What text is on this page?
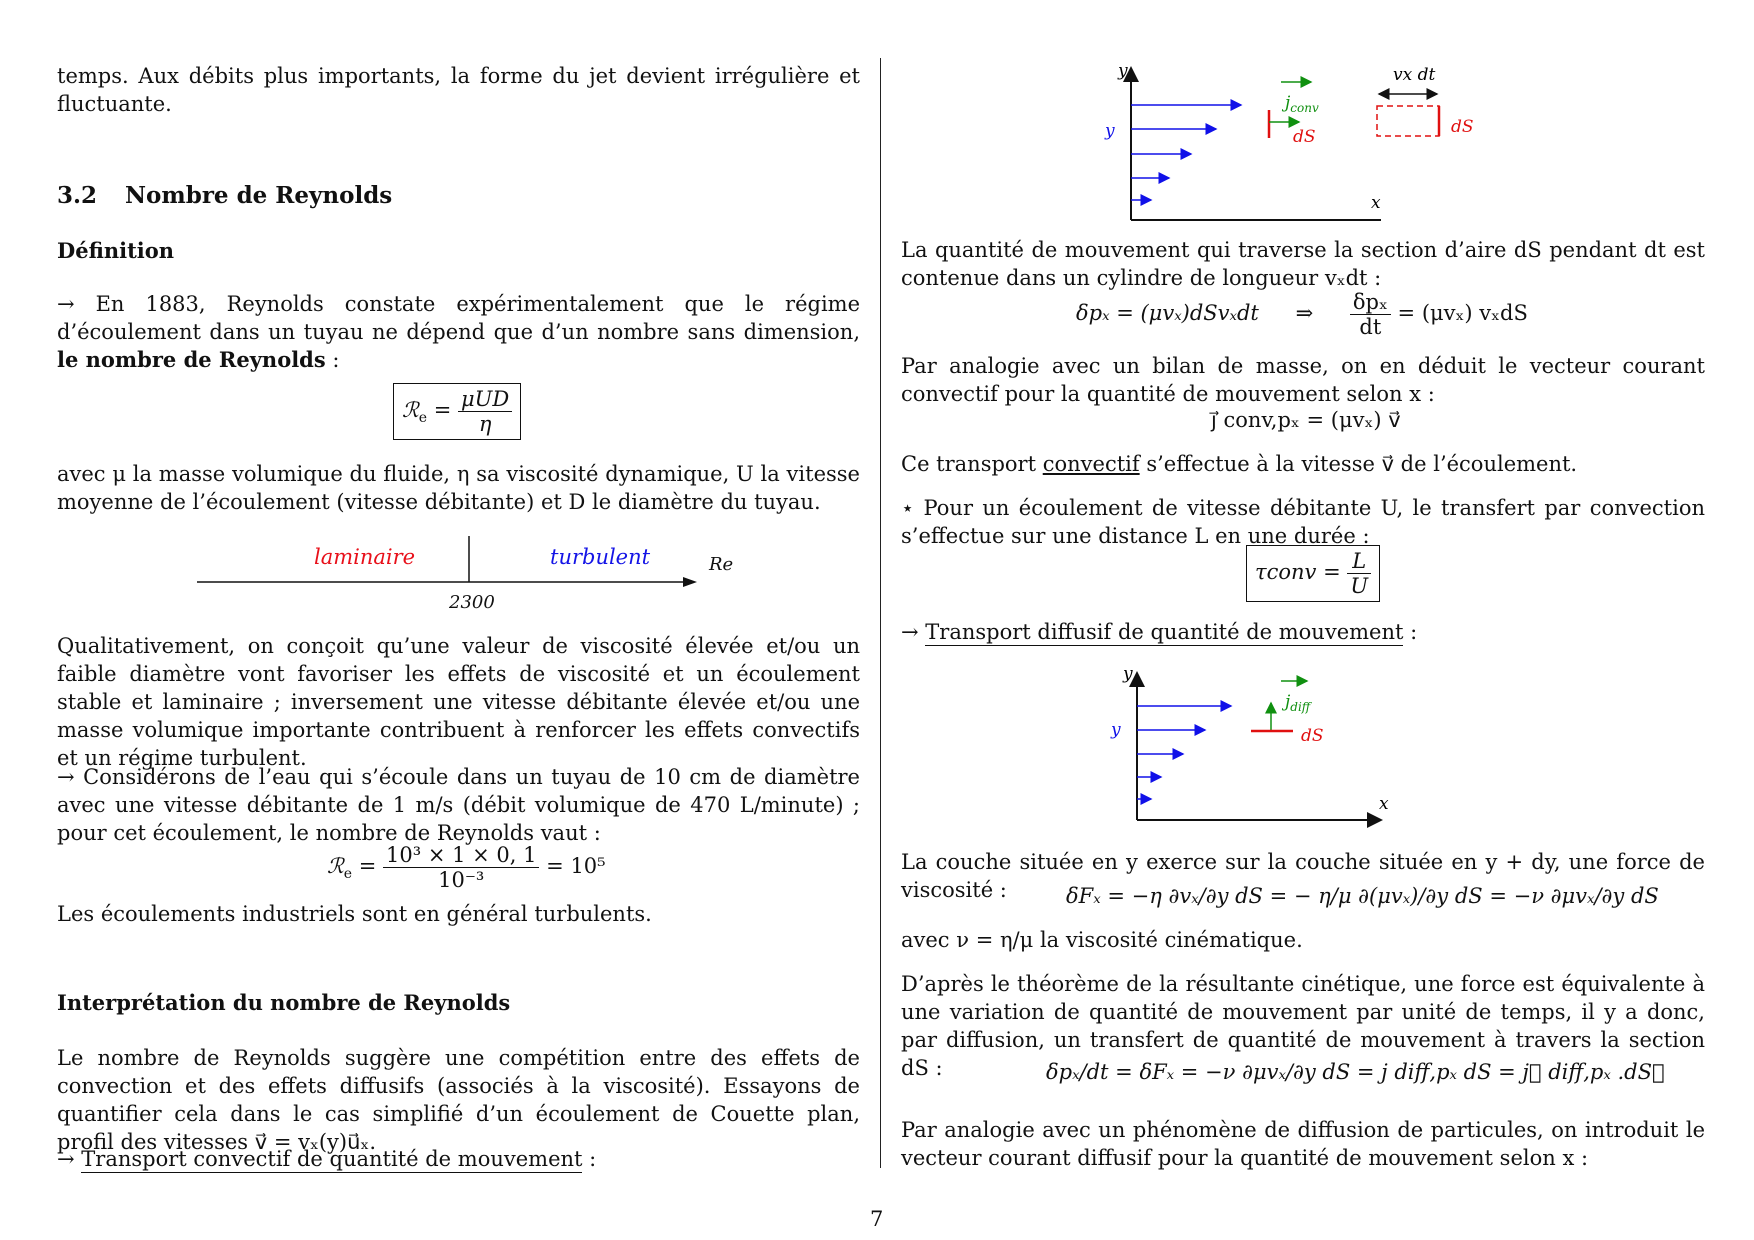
temps. Aux débits plus importants, la forme du jet devient irrégulière et fluctuante.

3.2 Nombre de Reynolds
Définition

→ En 1883, Reynolds constate expérimentalement que le régime d’écoulement dans un tuyau ne dépend que d’un nombre sans dimension, le nombre de Reynolds :

ℛ$_e$ = $\frac{\text{μUD}}{\eta}$

avec μ la masse volumique du fluide, η sa viscosité dynamique, U la vitesse moyenne de l’écoulement (vitesse débitante) et D le diamètre du tuyau.

laminaire	turbulent	Re
2300

Qualitativement, on conçoit qu’une valeur de viscosité élevée et/ou un faible diamètre vont favoriser les effets de viscosité et un écoulement stable et laminaire ; inversement une vitesse débitante élevée et/ou une masse volumique importante contribuent à renforcer les effets convectifs et un régime turbulent.

→ Considérons de l’eau qui s’écoule dans un tuyau de 10 cm de diamètre avec une vitesse débitante de 1 m/s (débit volumique de 470 L/minute) ; pour cet écoulement, le nombre de Reynolds vaut :

ℛ$_e$ = $\frac{\text{10³ × 1 × 0, 1}}{\text{10⁻³}} = 10^5$

Les écoulements industriels sont en général turbulents.

Interprétation du nombre de Reynolds

Le nombre de Reynolds suggère une compétition entre des effets de convection et des effets diffusifs (associés à la viscosité). Essayons de quantifier cela dans le cas simplifié d’un écoulement de Couette plan, profil des vitesses v⃗ = vₓ(y)u⃗ₓ.

→ Transport convectif de quantité de mouvement :
y
x
y
$j_{conv}$
dS
vx dt
dS

La quantité de mouvement qui traverse la section d’aire dS pendant dt est contenue dans un cylindre de longueur vₓdt :

δpₓ = (μvₓ)dSvₓdt ⇒ $\frac{\text{δpₓ}}{dt} = (\mu v_x)$ vₓdS

Par analogie avec un bilan de masse, on en déduit le vecteur courant convectif pour la quantité de mouvement selon x :

j⃗ conv,pₓ = (μvₓ) v⃗

Ce transport convectif s’effectue à la vitesse v⃗ de l’écoulement.

⋆ Pour un écoulement de vitesse débitante U, le transfert par convection s’effectue sur une distance L en une durée :

τconv = $\frac{L}{U}$
→ Transport diffusif de quantité de mouvement :
y
x
y
$j_{diff}$
dS

La couche située en y exerce sur la couche située en y + dy, une force de viscosité :	δFₓ = −η ∂vₓ/∂y dS = − η/μ ∂(μvₓ)/∂y dS = −ν ∂μvₓ/∂y dS

avec ν = η/μ la viscosité cinématique.

D’après le théorème de la résultante cinétique, une force est équivalente à une variation de quantité de mouvement par unité de temps, il y a donc, par diffusion, un transfert de quantité de mouvement à travers la section dS :	δpₓ/dt = δFₓ = −ν ∂μvₓ/∂y dS = j diff,pₓ dS = j⃗ diff,pₓ .dS⃗

Par analogie avec un phénomène de diffusion de particules, on introduit le vecteur courant diffusif pour la quantité de mouvement selon x :

7
